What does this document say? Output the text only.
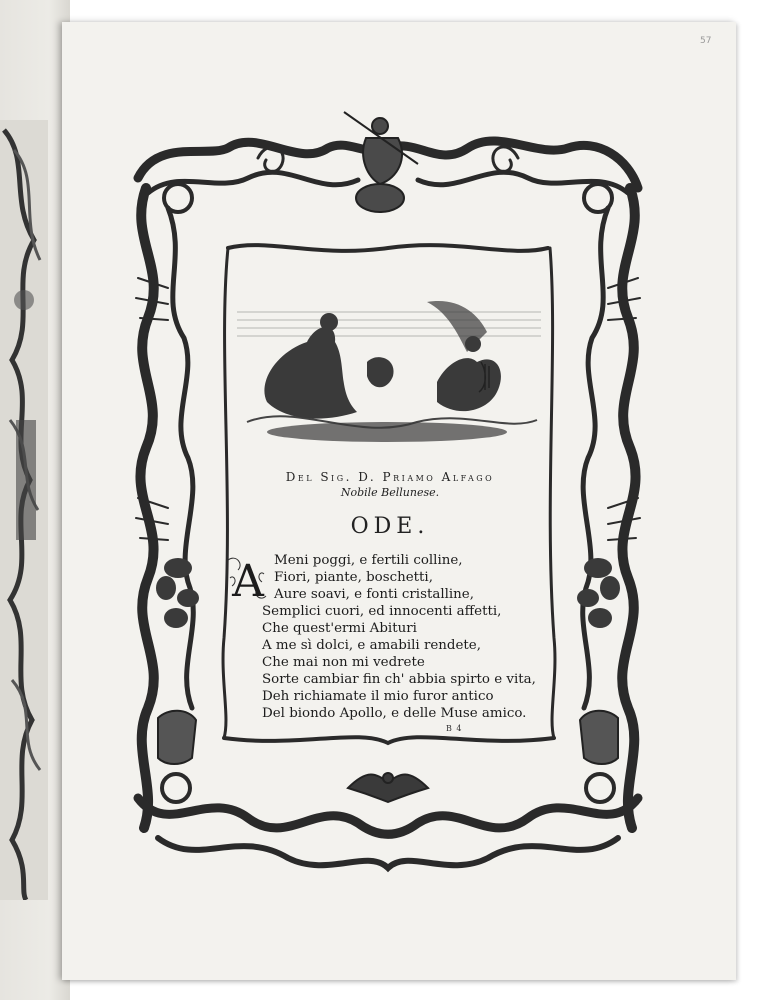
57
Del Sig. D. Priamo Alfago
Nobile Bellunese.
ODE.
A Meni poggi, e fertili colline,
Fiori, piante, boschetti,
Aure soavi, e fonti cristalline,
Semplici cuori, ed innocenti affetti,
Che quest'ermi Abituri
A me sì dolci, e amabili rendete,
Che mai non mi vedrete
Sorte cambiar fin ch' abbia spirto e vita,
Deh richiamate il mio furor antico
Del biondo Apollo, e delle Muse amico.
B 4
